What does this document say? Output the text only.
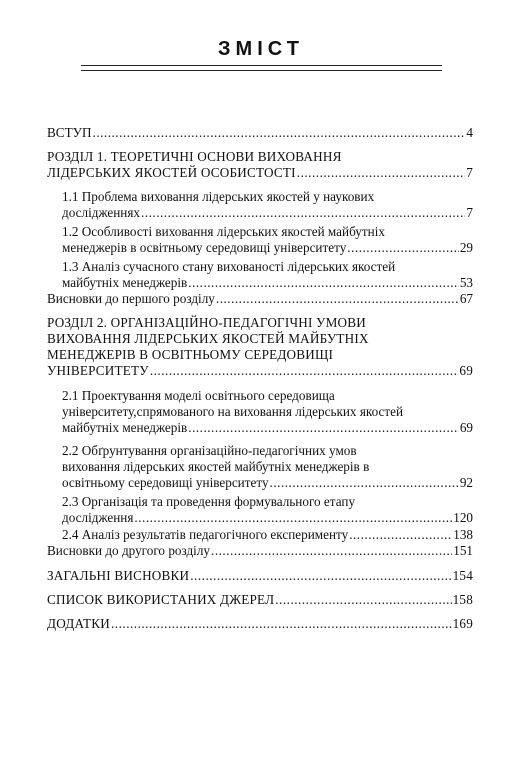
ЗМІСТ
ВСТУП .....	4
РОЗДІЛ 1. ТЕОРЕТИЧНІ ОСНОВИ ВИХОВАННЯ
ЛІДЕРСЬКИХ ЯКОСТЕЙ ОСОБИСТОСТІ .....	7
1.1 Проблема виховання лідерських якостей у наукових
дослідженнях .....	7
1.2 Особливості виховання лідерських якостей майбутніх
менеджерів в освітньому середовищі університету .....	29
1.3 Аналіз сучасного стану вихованості лідерських якостей
майбутніх менеджерів .....	53
Висновки до першого розділу .....	67
РОЗДІЛ 2. ОРГАНІЗАЦІЙНО-ПЕДАГОГІЧНІ УМОВИ
ВИХОВАННЯ ЛІДЕРСЬКИХ ЯКОСТЕЙ МАЙБУТНІХ
МЕНЕДЖЕРІВ В ОСВІТНЬОМУ СЕРЕДОВИЩІ
УНІВЕРСИТЕТУ .....	69
2.1 Проектування моделі освітнього середовища
університету,спрямованого на виховання лідерських якостей
майбутніх менеджерів .....	69
2.2 Обґрунтування організаційно-педагогічних умов
виховання лідерських якостей майбутніх менеджерів в
освітньому середовищі університету .....	92
2.3 Організація та проведення формувального етапу
дослідження .....	120
2.4 Аналіз результатів педагогічного експерименту .....	138
Висновки до другого розділу .....	151
ЗАГАЛЬНІ ВИСНОВКИ .....	154
СПИСОК ВИКОРИСТАНИХ ДЖЕРЕЛ .....	158
ДОДАТКИ .....	169
